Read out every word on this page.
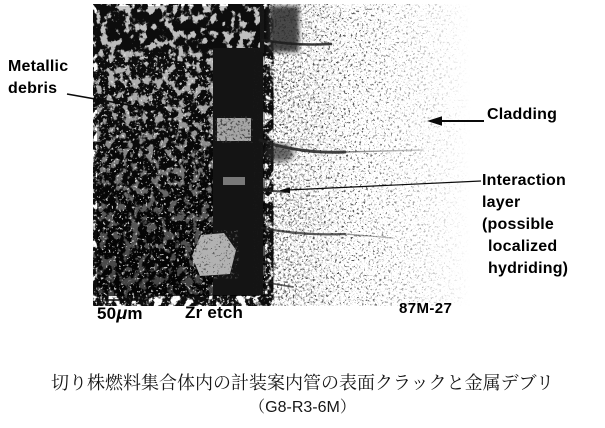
Metallic
debris
Cladding
Interaction
layer
(possible
localized
hydriding)
50μm Zr etch	87M-27
切り株燃料集合体内の計装案内管の表面クラックと金属デブリ
（G8-R3-6M）
